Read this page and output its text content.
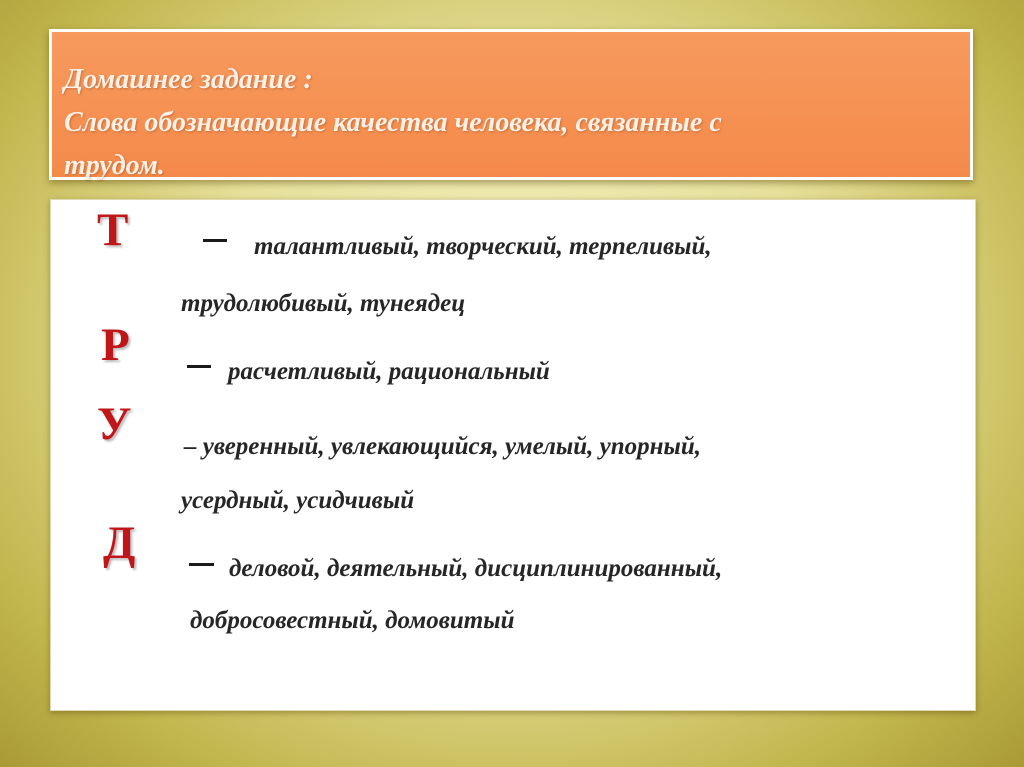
Домашнее задание :
Слова обозначающие качества человека, связанные с
трудом.
Т
Р
У
Д
талантливый, творческий, терпеливый,
трудолюбивый, тунеядец
расчетливый, рациональный
– уверенный, увлекающийся, умелый, упорный,
усердный, усидчивый
деловой, деятельный, дисциплинированный,
добросовестный, домовитый
